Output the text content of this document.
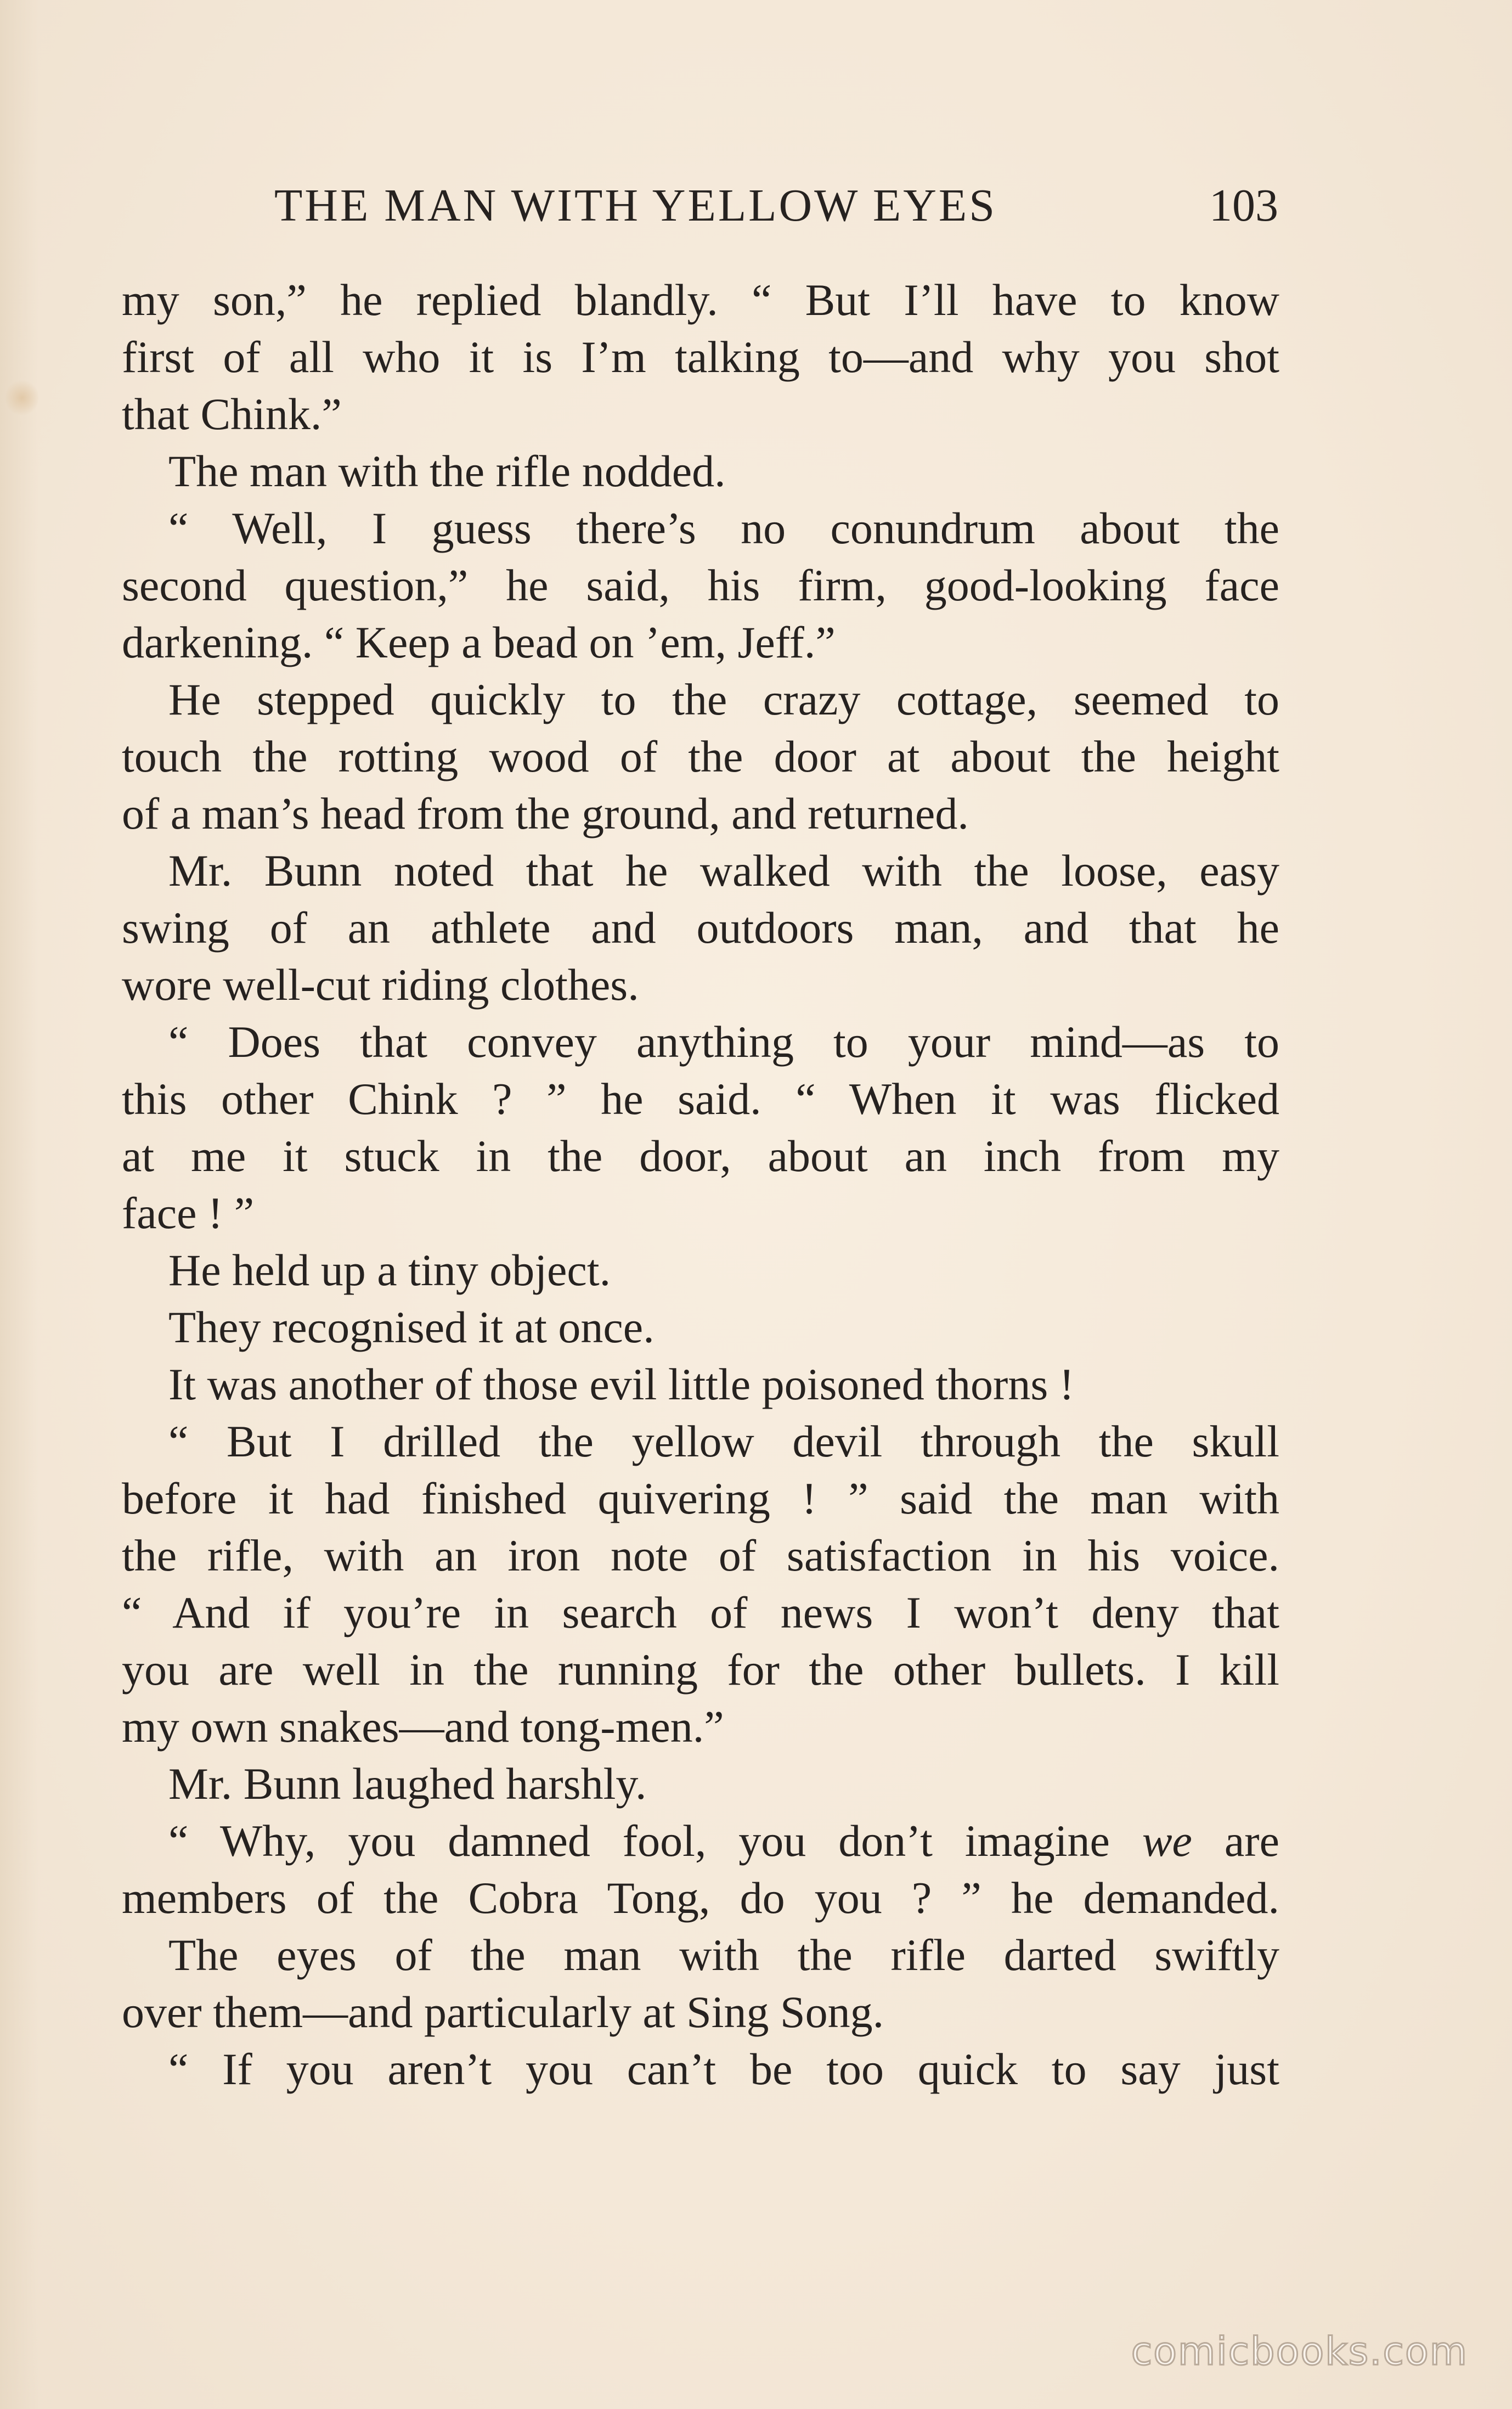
THE MAN WITH YELLOW EYES	103
my son,” he replied blandly. “ But I’ll have to know
first of all who it is I’m talking to—and why you shot
that Chink.”
The man with the rifle nodded.
“ Well, I guess there’s no conundrum about the
second question,” he said, his firm, good-looking face
darkening. “ Keep a bead on ’em, Jeff.”
He stepped quickly to the crazy cottage, seemed to
touch the rotting wood of the door at about the height
of a man’s head from the ground, and returned.
Mr. Bunn noted that he walked with the loose, easy
swing of an athlete and outdoors man, and that he
wore well-cut riding clothes.
“ Does that convey anything to your mind—as to
this other Chink ? ” he said. “ When it was flicked
at me it stuck in the door, about an inch from my
face ! ”
He held up a tiny object.
They recognised it at once.
It was another of those evil little poisoned thorns !
“ But I drilled the yellow devil through the skull
before it had finished quivering ! ” said the man with
the rifle, with an iron note of satisfaction in his voice.
“ And if you’re in search of news I won’t deny that
you are well in the running for the other bullets. I kill
my own snakes—and tong-men.”
Mr. Bunn laughed harshly.
“ Why, you damned fool, you don’t imagine we are
members of the Cobra Tong, do you ? ” he demanded.
The eyes of the man with the rifle darted swiftly
over them—and particularly at Sing Song.
“ If you aren’t you can’t be too quick to say just
comicbooks.com
